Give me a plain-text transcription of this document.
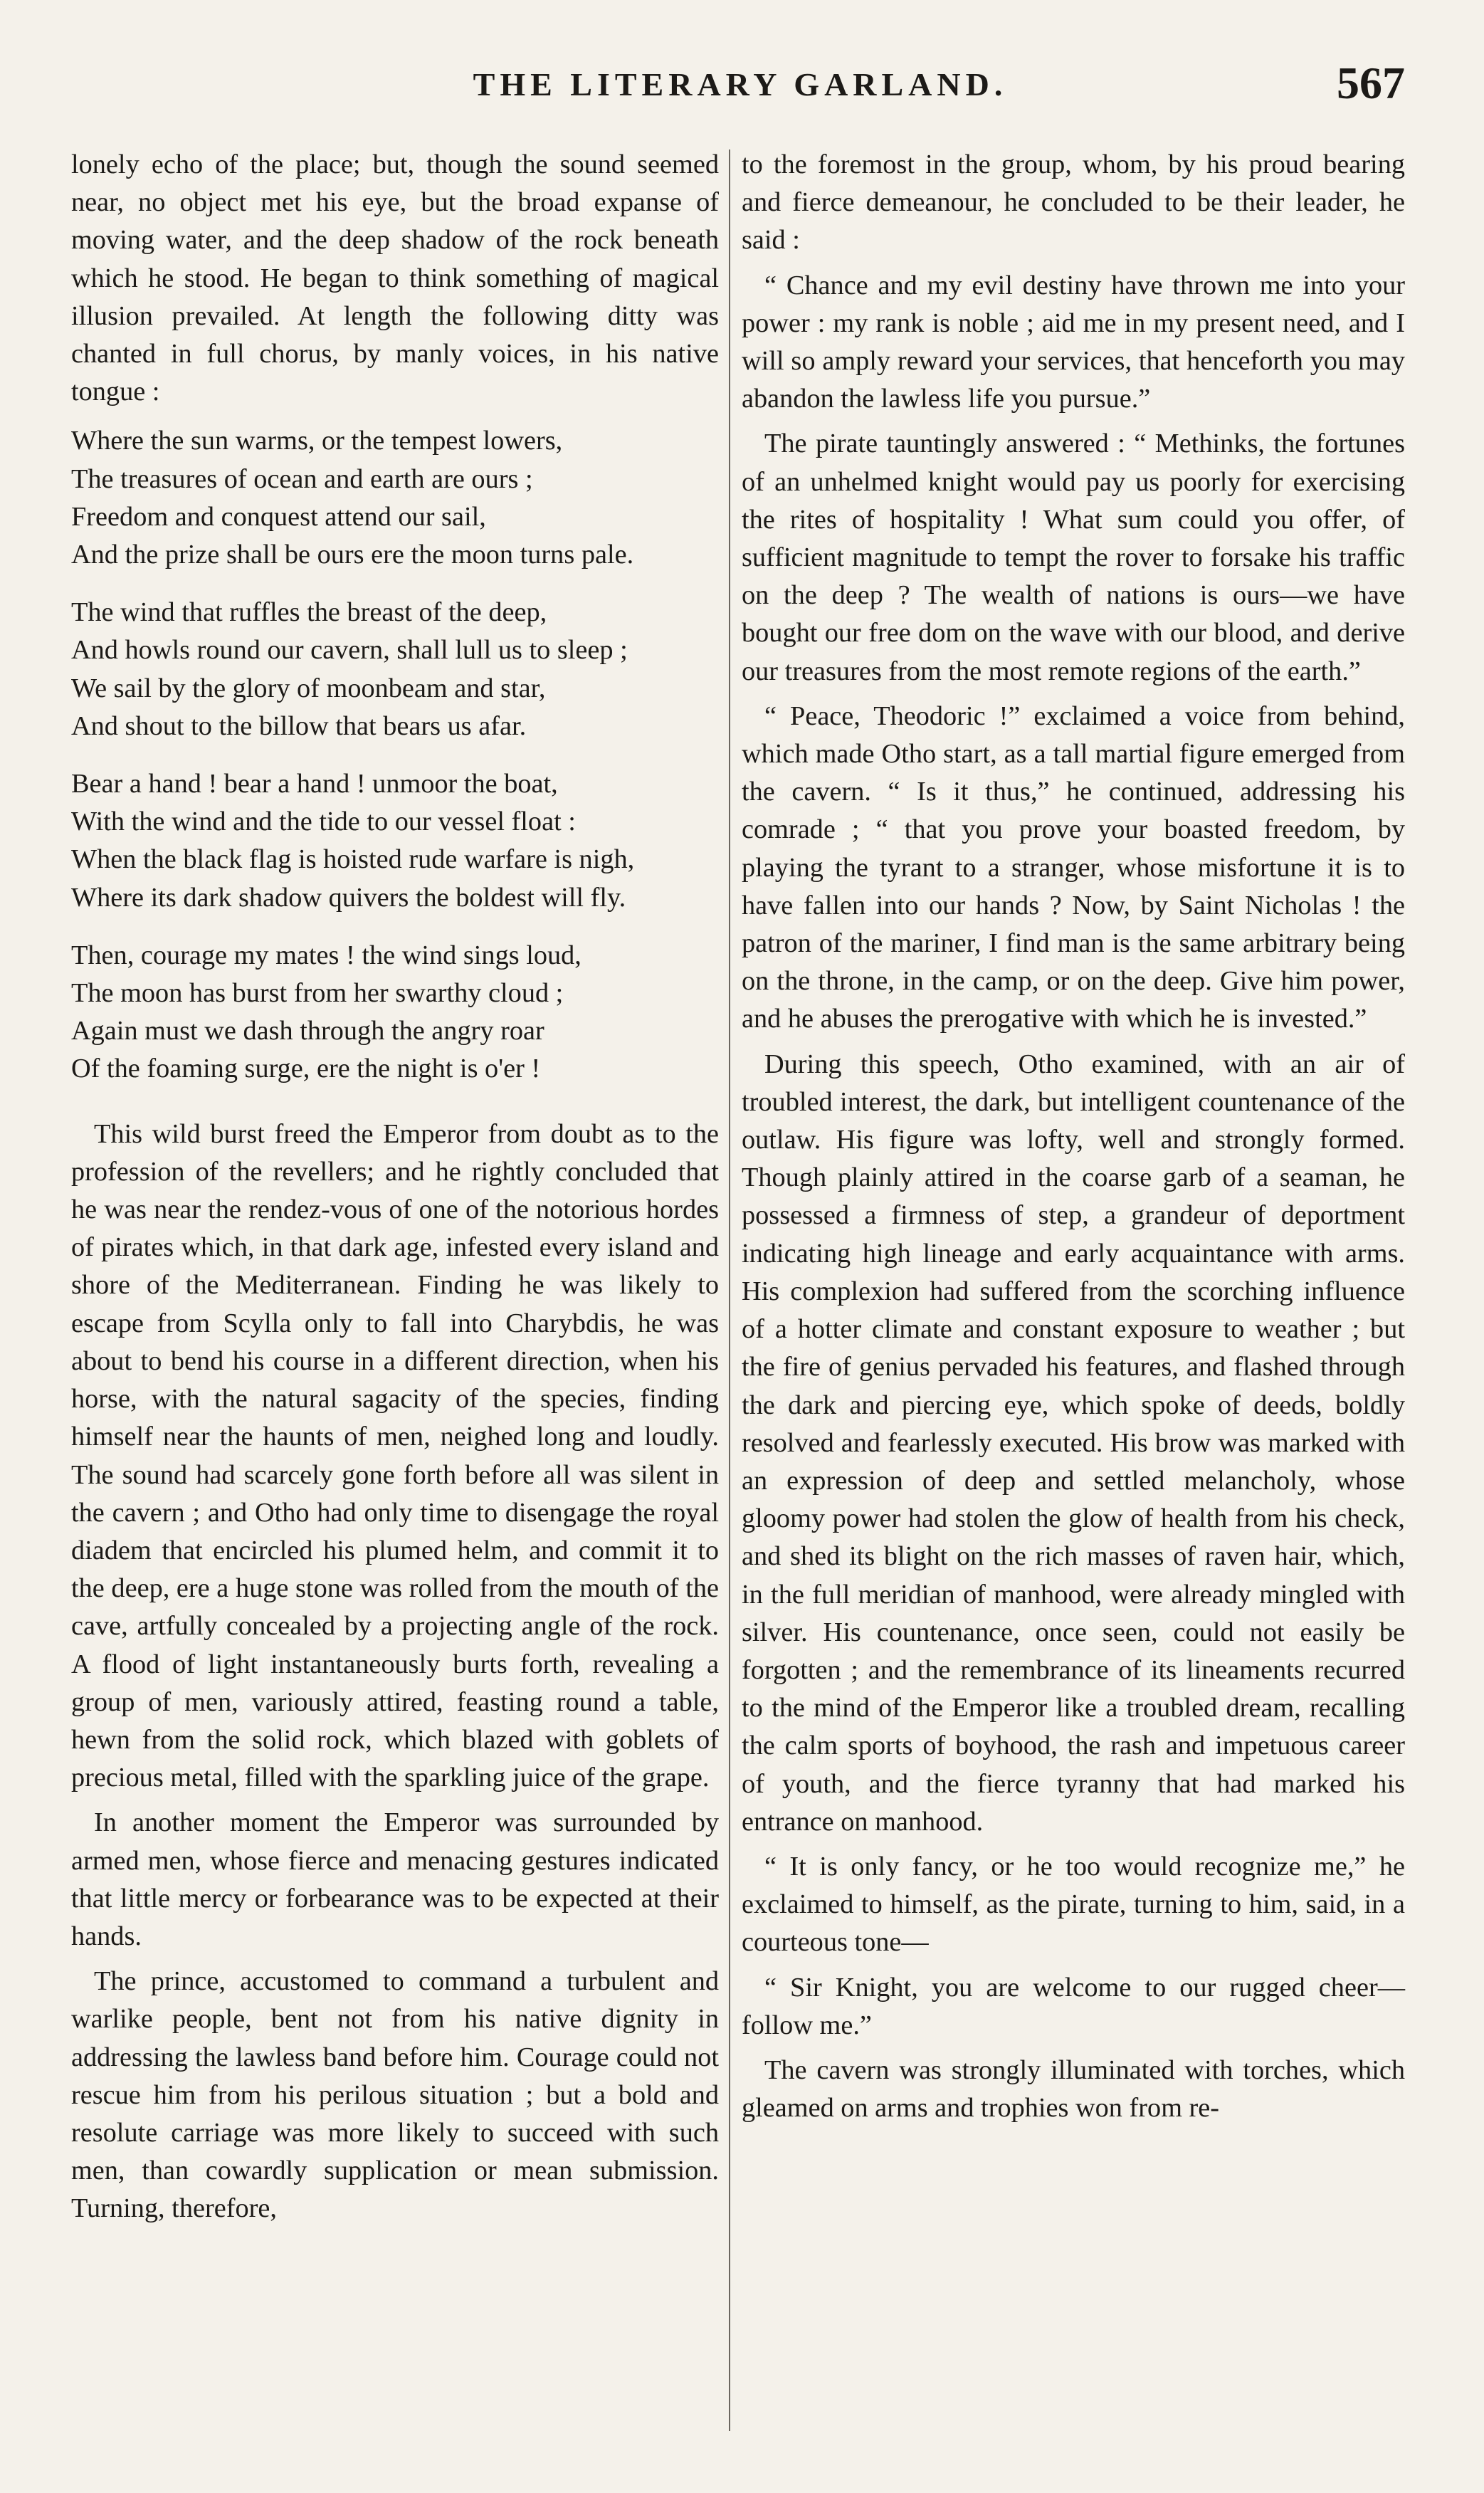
THE LITERARY GARLAND.	567

lonely echo of the place; but, though the sound seemed near, no object met his eye, but the broad expanse of moving water, and the deep shadow of the rock beneath which he stood. He began to think something of magical illusion prevailed. At length the following ditty was chanted in full chorus, by manly voices, in his native tongue :

Where the sun warms, or the tempest lowers,
The treasures of ocean and earth are ours ;
Freedom and conquest attend our sail,
And the prize shall be ours ere the moon turns pale.
The wind that ruffles the breast of the deep,
And howls round our cavern, shall lull us to sleep ;
We sail by the glory of moonbeam and star,
And shout to the billow that bears us afar.
Bear a hand ! bear a hand ! unmoor the boat,
With the wind and the tide to our vessel float :
When the black flag is hoisted rude warfare is nigh,
Where its dark shadow quivers the boldest will fly.
Then, courage my mates ! the wind sings loud,
The moon has burst from her swarthy cloud ;
Again must we dash through the angry roar
Of the foaming surge, ere the night is o'er !

This wild burst freed the Emperor from doubt as to the profession of the revellers; and he rightly concluded that he was near the rendez-vous of one of the notorious hordes of pirates which, in that dark age, infested every island and shore of the Mediterranean. Finding he was likely to escape from Scylla only to fall into Charybdis, he was about to bend his course in a different direction, when his horse, with the natural sagacity of the species, finding himself near the haunts of men, neighed long and loudly. The sound had scarcely gone forth before all was silent in the cavern ; and Otho had only time to disengage the royal diadem that encircled his plumed helm, and commit it to the deep, ere a huge stone was rolled from the mouth of the cave, artfully concealed by a projecting angle of the rock. A flood of light instantaneously burts forth, revealing a group of men, variously attired, feasting round a table, hewn from the solid rock, which blazed with goblets of precious metal, filled with the sparkling juice of the grape.

In another moment the Emperor was surrounded by armed men, whose fierce and menacing gestures indicated that little mercy or forbearance was to be expected at their hands.

The prince, accustomed to command a turbulent and warlike people, bent not from his native dignity in addressing the lawless band before him. Courage could not rescue him from his perilous situation ; but a bold and resolute carriage was more likely to succeed with such men, than cowardly supplication or mean submission. Turning, therefore,

to the foremost in the group, whom, by his proud bearing and fierce demeanour, he concluded to be their leader, he said :

“ Chance and my evil destiny have thrown me into your power : my rank is noble ; aid me in my present need, and I will so amply reward your services, that henceforth you may abandon the lawless life you pursue.”

The pirate tauntingly answered : “ Methinks, the fortunes of an unhelmed knight would pay us poorly for exercising the rites of hospitality ! What sum could you offer, of sufficient magnitude to tempt the rover to forsake his traffic on the deep ? The wealth of nations is ours—we have bought our free dom on the wave with our blood, and derive our treasures from the most remote regions of the earth.”

“ Peace, Theodoric !” exclaimed a voice from behind, which made Otho start, as a tall martial figure emerged from the cavern. “ Is it thus,” he continued, addressing his comrade ; “ that you prove your boasted freedom, by playing the tyrant to a stranger, whose misfortune it is to have fallen into our hands ? Now, by Saint Nicholas ! the patron of the mariner, I find man is the same arbitrary being on the throne, in the camp, or on the deep. Give him power, and he abuses the prerogative with which he is invested.”

During this speech, Otho examined, with an air of troubled interest, the dark, but intelligent countenance of the outlaw. His figure was lofty, well and strongly formed. Though plainly attired in the coarse garb of a seaman, he possessed a firmness of step, a grandeur of deportment indicating high lineage and early acquaintance with arms. His complexion had suffered from the scorching influence of a hotter climate and constant exposure to weather ; but the fire of genius pervaded his features, and flashed through the dark and piercing eye, which spoke of deeds, boldly resolved and fearlessly executed. His brow was marked with an expression of deep and settled melancholy, whose gloomy power had stolen the glow of health from his check, and shed its blight on the rich masses of raven hair, which, in the full meridian of manhood, were already mingled with silver. His countenance, once seen, could not easily be forgotten ; and the remembrance of its lineaments recurred to the mind of the Emperor like a troubled dream, recalling the calm sports of boyhood, the rash and impetuous career of youth, and the fierce tyranny that had marked his entrance on manhood.

“ It is only fancy, or he too would recognize me,” he exclaimed to himself, as the pirate, turning to him, said, in a courteous tone—

“ Sir Knight, you are welcome to our rugged cheer—follow me.”

The cavern was strongly illuminated with torches, which gleamed on arms and trophies won from re-
